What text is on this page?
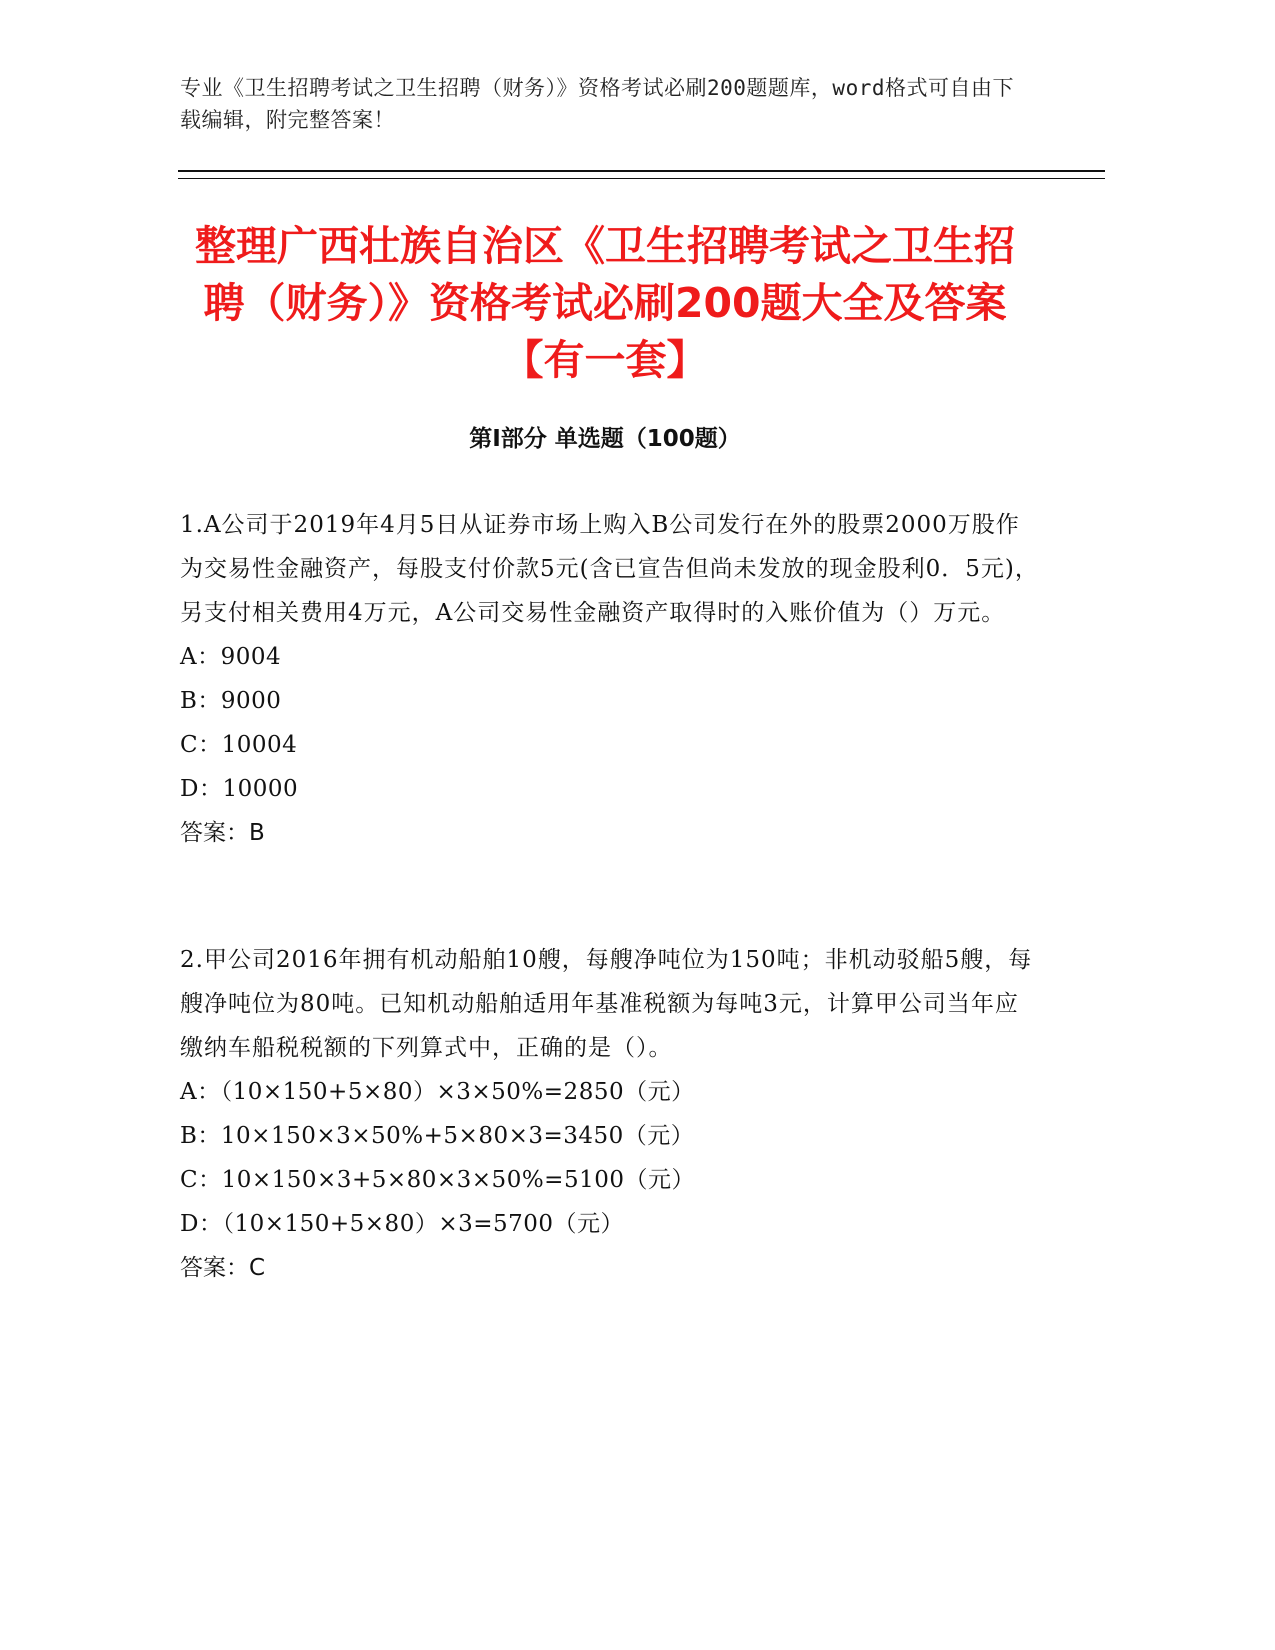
专业《卫生招聘考试之卫生招聘（财务）》资格考试必刷200题题库，word格式可自由下载编辑，附完整答案！
整理广西壮族自治区《卫生招聘考试之卫生招聘（财务）》资格考试必刷200题大全及答案【有一套】
第I部分 单选题（100题）

1.A公司于2019年4月5日从证券市场上购入B公司发行在外的股票2000万股作为交易性金融资产，每股支付价款5元(含已宣告但尚未发放的现金股利0．5元)，另支付相关费用4万元，A公司交易性金融资产取得时的入账价值为（）万元。

A：9004

B：9000

C：10004

D：10000

答案：B

2.甲公司2016年拥有机动船舶10艘，每艘净吨位为150吨；非机动驳船5艘，每艘净吨位为80吨。已知机动船舶适用年基准税额为每吨3元，计算甲公司当年应缴纳车船税税额的下列算式中，正确的是（）。

A：（10×150+5×80）×3×50%=2850（元）

B：10×150×3×50%+5×80×3=3450（元）

C：10×150×3+5×80×3×50%=5100（元）

D：（10×150+5×80）×3=5700（元）

答案：C
